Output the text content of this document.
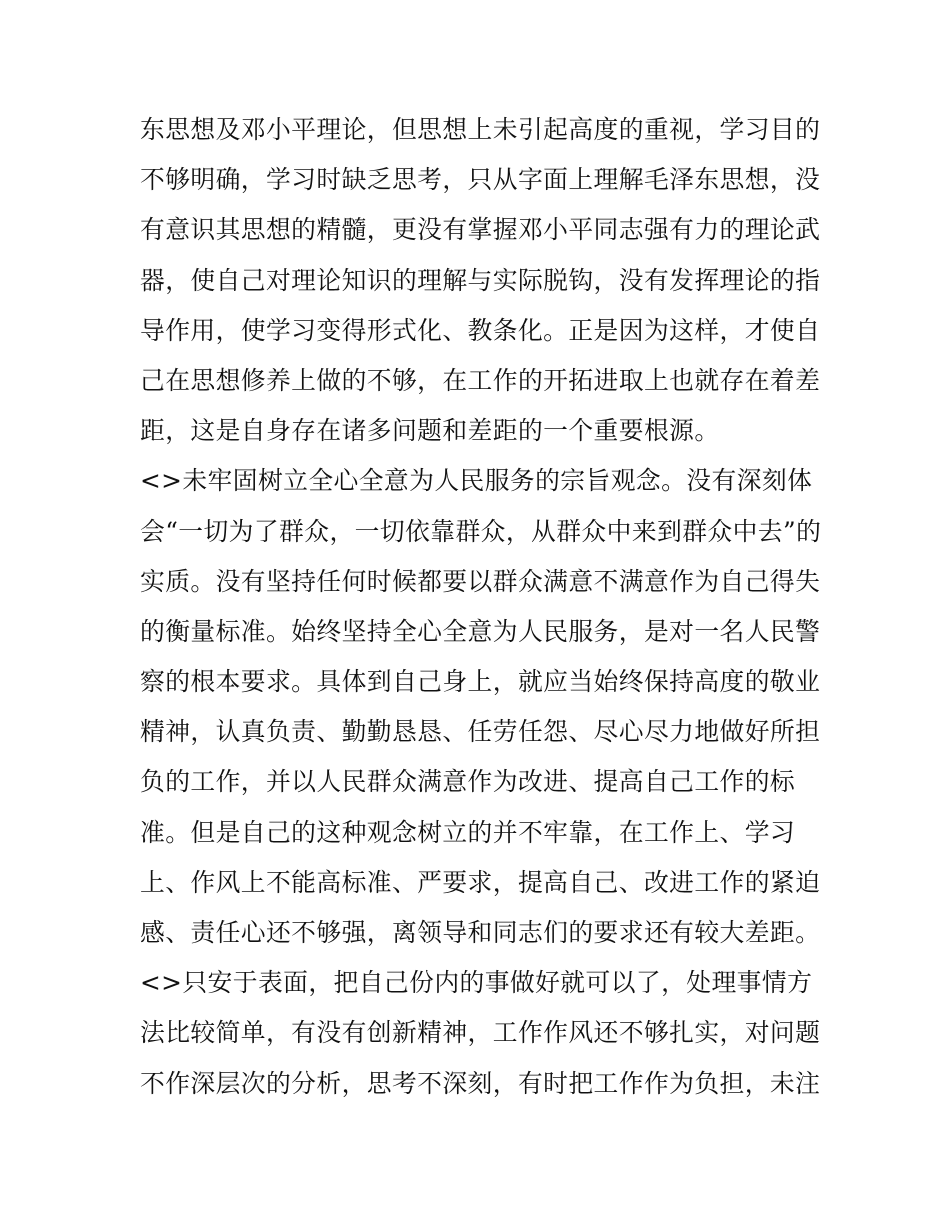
东思想及邓小平理论，但思想上未引起高度的重视，学习目的
不够明确，学习时缺乏思考，只从字面上理解毛泽东思想，没
有意识其思想的精髓，更没有掌握邓小平同志强有力的理论武
器，使自己对理论知识的理解与实际脱钩，没有发挥理论的指
导作用，使学习变得形式化、教条化。正是因为这样，才使自
己在思想修养上做的不够，在工作的开拓进取上也就存在着差
距，这是自身存在诸多问题和差距的一个重要根源。
<>未牢固树立全心全意为人民服务的宗旨观念。没有深刻体
会“一切为了群众，一切依靠群众，从群众中来到群众中去”的
实质。没有坚持任何时候都要以群众满意不满意作为自己得失
的衡量标准。始终坚持全心全意为人民服务，是对一名人民警
察的根本要求。具体到自己身上，就应当始终保持高度的敬业
精神，认真负责、勤勤恳恳、任劳任怨、尽心尽力地做好所担
负的工作，并以人民群众满意作为改进、提高自己工作的标
准。但是自己的这种观念树立的并不牢靠，在工作上、学习
上、作风上不能高标准、严要求，提高自己、改进工作的紧迫
感、责任心还不够强，离领导和同志们的要求还有较大差距。
<>只安于表面，把自己份内的事做好就可以了，处理事情方
法比较简单，有没有创新精神，工作作风还不够扎实，对问题
不作深层次的分析，思考不深刻，有时把工作作为负担，未注
